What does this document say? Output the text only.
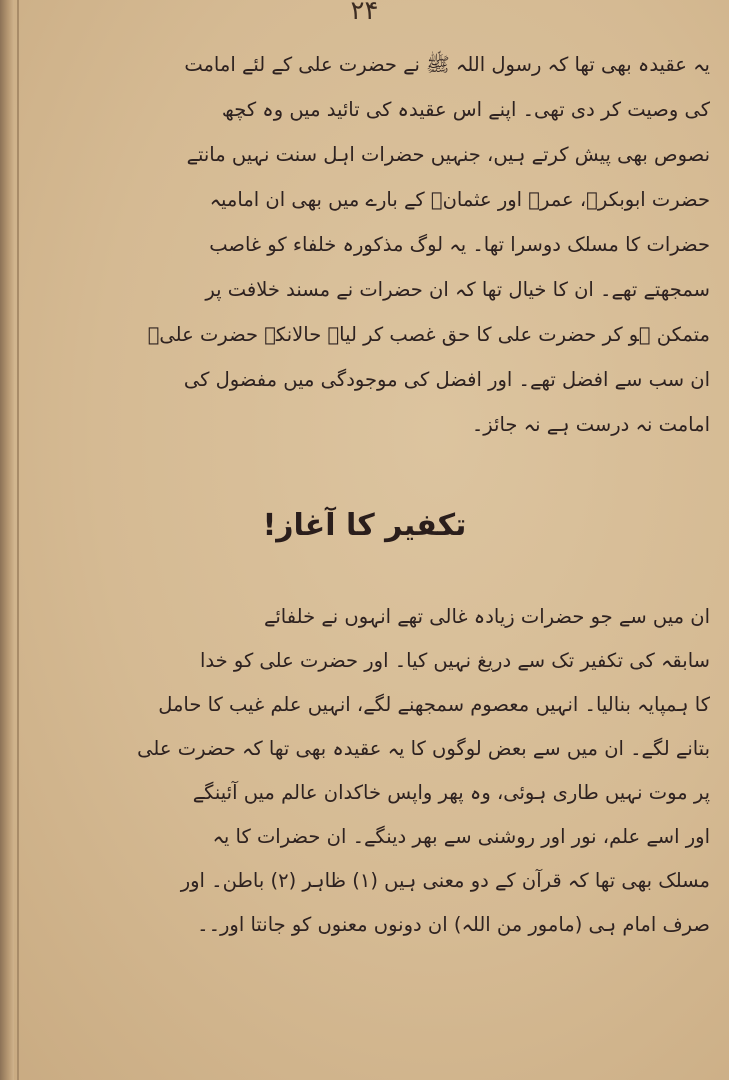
۲۴
یہ عقیدہ بھی تھا کہ رسول اللہ ﷺ نے حضرت علی کے لئے امامت
کی وصیت کر دی تھی۔ اپنے اس عقیدہ کی تائید میں وہ کچھ
نصوص بھی پیش کرتے ہیں، جنہیں حضرات اہل سنت نہیں مانتے
حضرت ابوبکرؓ، عمرؓ اور عثمانؓ کے بارے میں بھی ان امامیہ
حضرات کا مسلک دوسرا تھا۔ یہ لوگ مذکورہ خلفاء کو غاصب
سمجھتے تھے۔ ان کا خیال تھا کہ ان حضرات نے مسند خلافت پر
متمکن ہو کر حضرت علی کا حق غصب کر لیا۔ حالانکہ حضرت علیؓ
ان سب سے افضل تھے۔ اور افضل کی موجودگی میں مفضول کی
امامت نہ درست ہے نہ جائز۔
تکفیر کا آغاز!
ان میں سے جو حضرات زیادہ غالی تھے انہوں نے خلفائے
سابقہ کی تکفیر تک سے دریغ نہیں کیا۔ اور حضرت علی کو خدا
کا ہمپایہ بنالیا۔ انہیں معصوم سمجھنے لگے، انہیں علم غیب کا حامل
بتانے لگے۔ ان میں سے بعض لوگوں کا یہ عقیدہ بھی تھا کہ حضرت علی
پر موت نہیں طاری ہوئی، وہ پھر واپس خاکدان عالم میں آئینگے
اور اسے علم، نور اور روشنی سے بھر دینگے۔ ان حضرات کا یہ
مسلک بھی تھا کہ قرآن کے دو معنی ہیں (۱) ظاہر (۲) باطن۔ اور
صرف امام ہی (مامور من اللہ) ان دونوں معنوں کو جانتا اور۔۔
